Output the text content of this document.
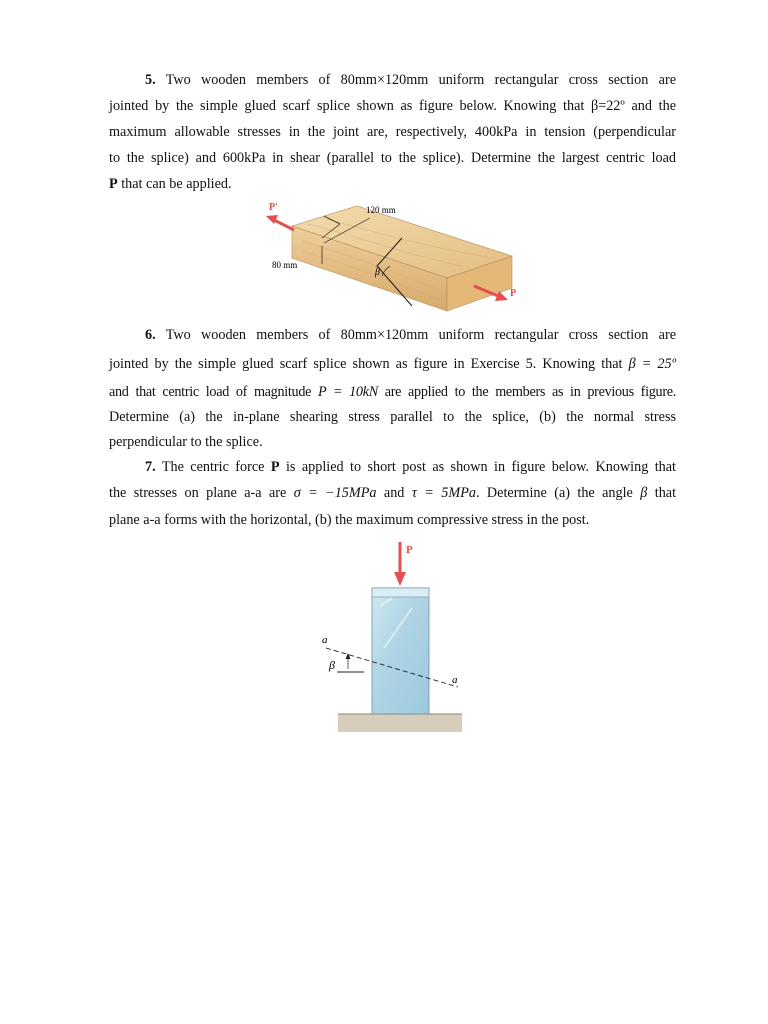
5. Two wooden members of 80mm×120mm uniform rectangular cross section are
jointed by the simple glued scarf splice shown as figure below. Knowing that β=22º and the
maximum allowable stresses in the joint are, respectively, 400kPa in tension (perpendicular
to the splice) and 600kPa in shear (parallel to the splice). Determine the largest centric load
P that can be applied.
120 mm
80 mm
β
P'
P
6. Two wooden members of 80mm×120mm uniform rectangular cross section are
jointed by the simple glued scarf splice shown as figure in Exercise 5. Knowing that β = 25º
and that centric load of magnitude P = 10kN are applied to the members as in previous figure.
Determine (a) the in-plane shearing stress parallel to the splice, (b) the normal stress
perpendicular to the splice.
7. The centric force P is applied to short post as shown in figure below. Knowing that
the stresses on plane a-a are σ = −15MPa and τ = 5MPa. Determine (a) the angle β that
plane a-a forms with the horizontal, (b) the maximum compressive stress in the post.
a
β
a
P
